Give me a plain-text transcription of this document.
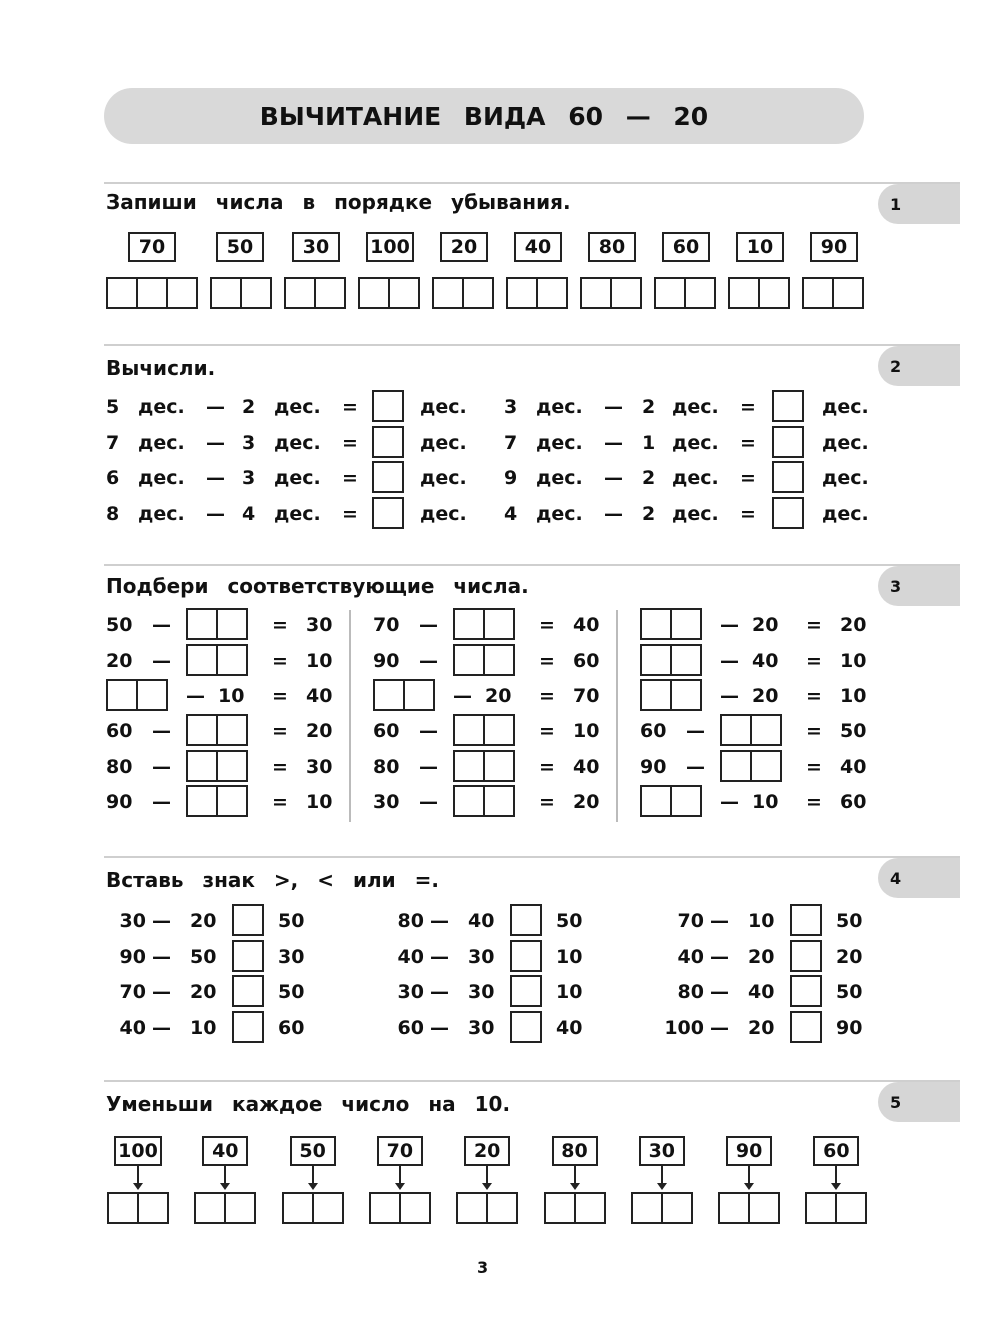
ВЫЧИТАНИЕ ВИДА 60 — 20
1
Запиши числа в порядке убывания.
70	50	30	100	20	40	80	60	10	90
2
Вычисли.
5 дес. — 2 дес. =	дес. 3 дес. — 2 дес. =	дес.
7 дес. — 3 дес. =	дес. 7 дес. — 1 дес. =	дес.
6 дес. — 3 дес. =	дес. 9 дес. — 2 дес. =	дес.
8 дес. — 4 дес. =	дес. 4 дес. — 2 дес. =	дес.
3
Подбери соответствующие числа.
50 —	= 30
20 —	= 10
— 10 = 40
60 —	= 20
80 —	= 30
90 —	= 10
70 —	= 40
90 —	= 60
— 20 = 70
60 —	= 10
80 —	= 40
30 —	= 20
— 20 = 20
— 40 = 10
— 20 = 10
60 —	= 50
90 —	= 40
— 10 = 60
4
Вставь знак >, < или =.
30 — 20	50
90 — 50	30
70 — 20	50
40 — 10	60
80 — 40	50
40 — 30	10
30 — 30	10
60 — 30	40
70 — 10	50
40 — 20	20
80 — 40	50
100 — 20	90
5
Уменьши каждое число на 10.
100	40	50	70	20	80	30	90	60
3
